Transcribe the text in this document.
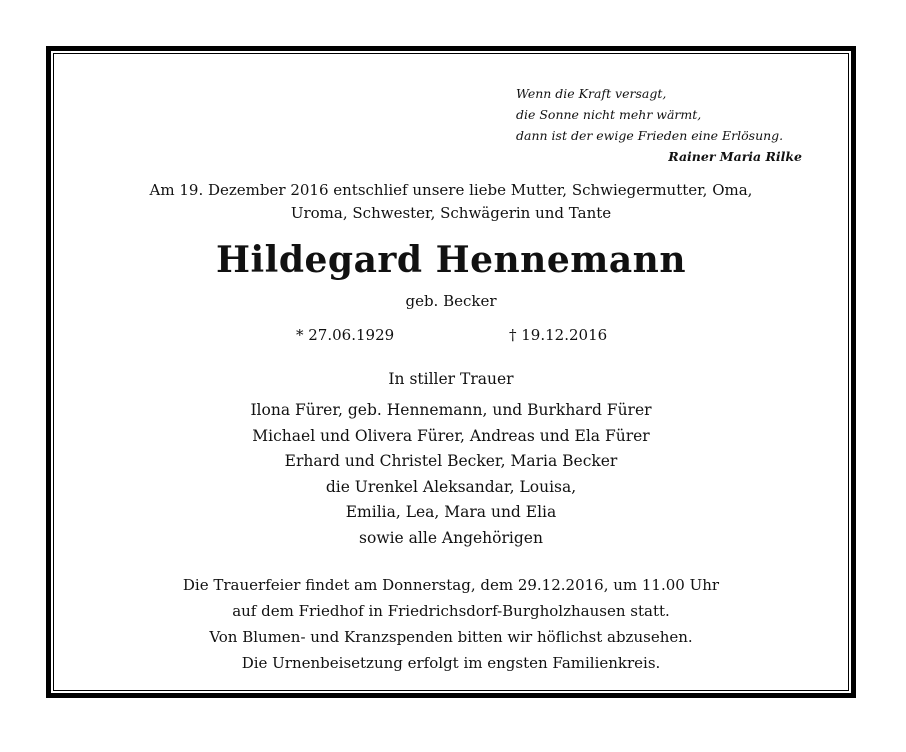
Wenn die Kraft versagt,
die Sonne nicht mehr wärmt,
dann ist der ewige Frieden eine Erlösung.
Rainer Maria Rilke
Am 19. Dezember 2016 entschlief unsere liebe Mutter, Schwiegermutter, Oma,
Uroma, Schwester, Schwägerin und Tante
Hildegard Hennemann
geb. Becker
* 27.06.1929	† 19.12.2016
In stiller Trauer
Ilona Fürer, geb. Hennemann, und Burkhard Fürer
Michael und Olivera Fürer, Andreas und Ela Fürer
Erhard und Christel Becker, Maria Becker
die Urenkel Aleksandar, Louisa,
Emilia, Lea, Mara und Elia
sowie alle Angehörigen
Die Trauerfeier findet am Donnerstag, dem 29.12.2016, um 11.00 Uhr
auf dem Friedhof in Friedrichsdorf-Burgholzhausen statt.
Von Blumen- und Kranzspenden bitten wir höflichst abzusehen.
Die Urnenbeisetzung erfolgt im engsten Familienkreis.
